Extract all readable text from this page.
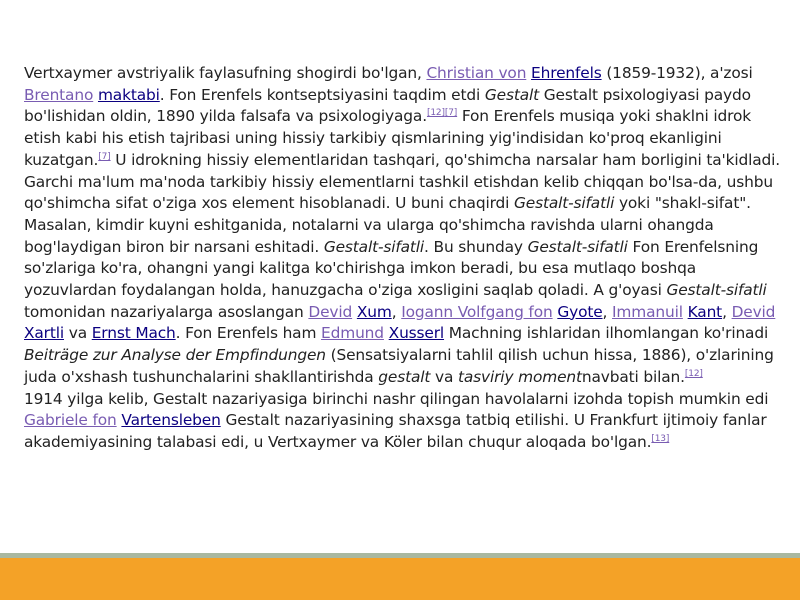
Vertxaymer avstriyalik faylasufning shogirdi bo'lgan, Christian von Ehrenfels (1859-1932), a'zosi Brentano maktabi. Fon Erenfels kontseptsiyasini taqdim etdi Gestalt Gestalt psixologiyasi paydo bo'lishidan oldin, 1890 yilda falsafa va psixologiyaga.[12][7] Fon Erenfels musiqa yoki shaklni idrok etish kabi his etish tajribasi uning hissiy tarkibiy qismlarining yig'indisidan ko'proq ekanligini kuzatgan.[7] U idrokning hissiy elementlaridan tashqari, qo'shimcha narsalar ham borligini ta'kidladi. Garchi ma'lum ma'noda tarkibiy hissiy elementlarni tashkil etishdan kelib chiqqan bo'lsa-da, ushbu qo'shimcha sifat o'ziga xos element hisoblanadi. U buni chaqirdi Gestalt-sifatli yoki "shakl-sifat". Masalan, kimdir kuyni eshitganida, notalarni va ularga qo'shimcha ravishda ularni ohangda bog'laydigan biron bir narsani eshitadi. Gestalt-sifatli. Bu shunday Gestalt-sifatli Fon Erenfelsning so'zlariga ko'ra, ohangni yangi kalitga ko'chirishga imkon beradi, bu esa mutlaqo boshqa yozuvlardan foydalangan holda, hanuzgacha o'ziga xosligini saqlab qoladi. A g'oyasi Gestalt-sifatli tomonidan nazariyalarga asoslangan Devid Xum, Iogann Volfgang fon Gyote, Immanuil Kant, Devid Xartli va Ernst Mach. Fon Erenfels ham Edmund Xusserl Machning ishlaridan ilhomlangan ko'rinadi Beiträge zur Analyse der Empfindungen (Sensatsiyalarni tahlil qilish uchun hissa, 1886), o'zlarining juda o'xshash tushunchalarini shakllantirishda gestalt va tasviriy momentnavbati bilan.[12]

1914 yilga kelib, Gestalt nazariyasiga birinchi nashr qilingan havolalarni izohda topish mumkin edi Gabriele fon Vartensleben Gestalt nazariyasining shaxsga tatbiq etilishi. U Frankfurt ijtimoiy fanlar akademiyasining talabasi edi, u Vertxaymer va Köler bilan chuqur aloqada bo'lgan.[13]
